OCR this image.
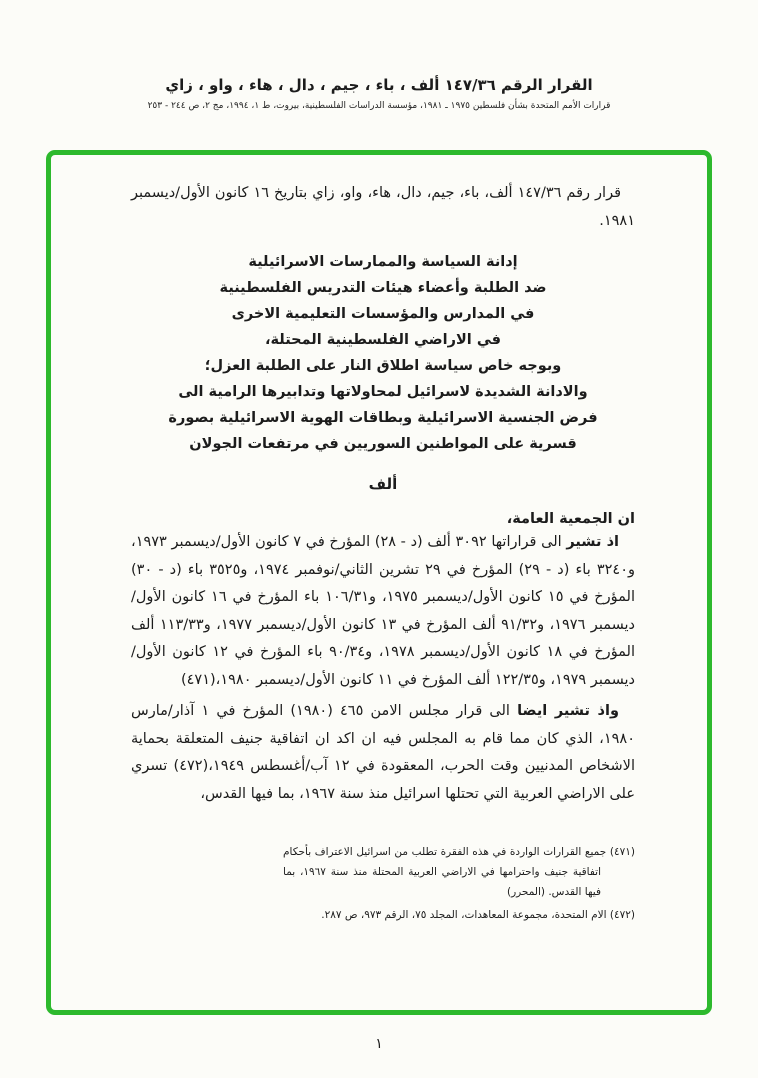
القرار الرقم ١٤٧/٣٦ ألف ، باء ، جيم ، دال ، هاء ، واو ، زاي
قرارات الأمم المتحدة بشأن فلسطين ١٩٧٥ ـ ١٩٨١، مؤسسة الدراسات الفلسطينية، بيروت، ط ١، ١٩٩٤، مج ٢، ص ٢٤٤ - ٢٥٣

قرار رقم ١٤٧/٣٦ ألف، باء، جيم، دال، هاء، واو، زاي بتاريخ ١٦ كانون الأول/ديسمبر ١٩٨١.

إدانة السياسة والممارسات الاسرائيلية
ضد الطلبة وأعضاء هيئات التدريس الفلسطينية
في المدارس والمؤسسات التعليمية الاخرى
في الاراضي الفلسطينية المحتلة،
وبوجه خاص سياسة اطلاق النار على الطلبة العزل؛
والادانة الشديدة لاسرائيل لمحاولاتها وتدابيرها الرامية الى
فرض الجنسية الاسرائيلية وبطاقات الهوية الاسرائيلية بصورة
قسرية على المواطنين السوريين في مرتفعات الجولان
ألف

ان الجمعية العامة،

اذ تشير الى قراراتها ٣٠٩٢ ألف (د - ٢٨) المؤرخ في ٧ كانون الأول/ديسمبر ١٩٧٣، و٣٢٤٠ باء (د - ٢٩) المؤرخ في ٢٩ تشرين الثاني/نوفمبر ١٩٧٤، و٣٥٢٥ باء (د - ٣٠) المؤرخ في ١٥ كانون الأول/ديسمبر ١٩٧٥، و١٠٦/٣١ باء المؤرخ في ١٦ كانون الأول/ديسمبر ١٩٧٦، و٩١/٣٢ ألف المؤرخ في ١٣ كانون الأول/ديسمبر ١٩٧٧، و١١٣/٣٣ ألف المؤرخ في ١٨ كانون الأول/ديسمبر ١٩٧٨، و٩٠/٣٤ باء المؤرخ في ١٢ كانون الأول/ديسمبر ١٩٧٩، و١٢٢/٣٥ ألف المؤرخ في ١١ كانون الأول/ديسمبر ١٩٨٠،(٤٧١)

واذ تشير ايضا الى قرار مجلس الامن ٤٦٥ (١٩٨٠) المؤرخ في ١ آذار/مارس ١٩٨٠، الذي كان مما قام به المجلس فيه ان اكد ان اتفاقية جنيف المتعلقة بحماية الاشخاص المدنيين وقت الحرب، المعقودة في ١٢ آب/أغسطس ١٩٤٩،(٤٧٢) تسري على الاراضي العربية التي تحتلها اسرائيل منذ سنة ١٩٦٧، بما فيها القدس،

(٤٧١) جميع القرارات الواردة في هذه الفقرة تطلب من اسرائيل الاعتراف بأحكام اتفاقية جنيف واحترامها في الاراضي العربية المحتلة منذ سنة ١٩٦٧، بما فيها القدس. (المحرر)

(٤٧٢) الام المتحدة، مجموعة المعاهدات، المجلد ٧٥، الرقم ٩٧٣، ص ٢٨٧.

١
